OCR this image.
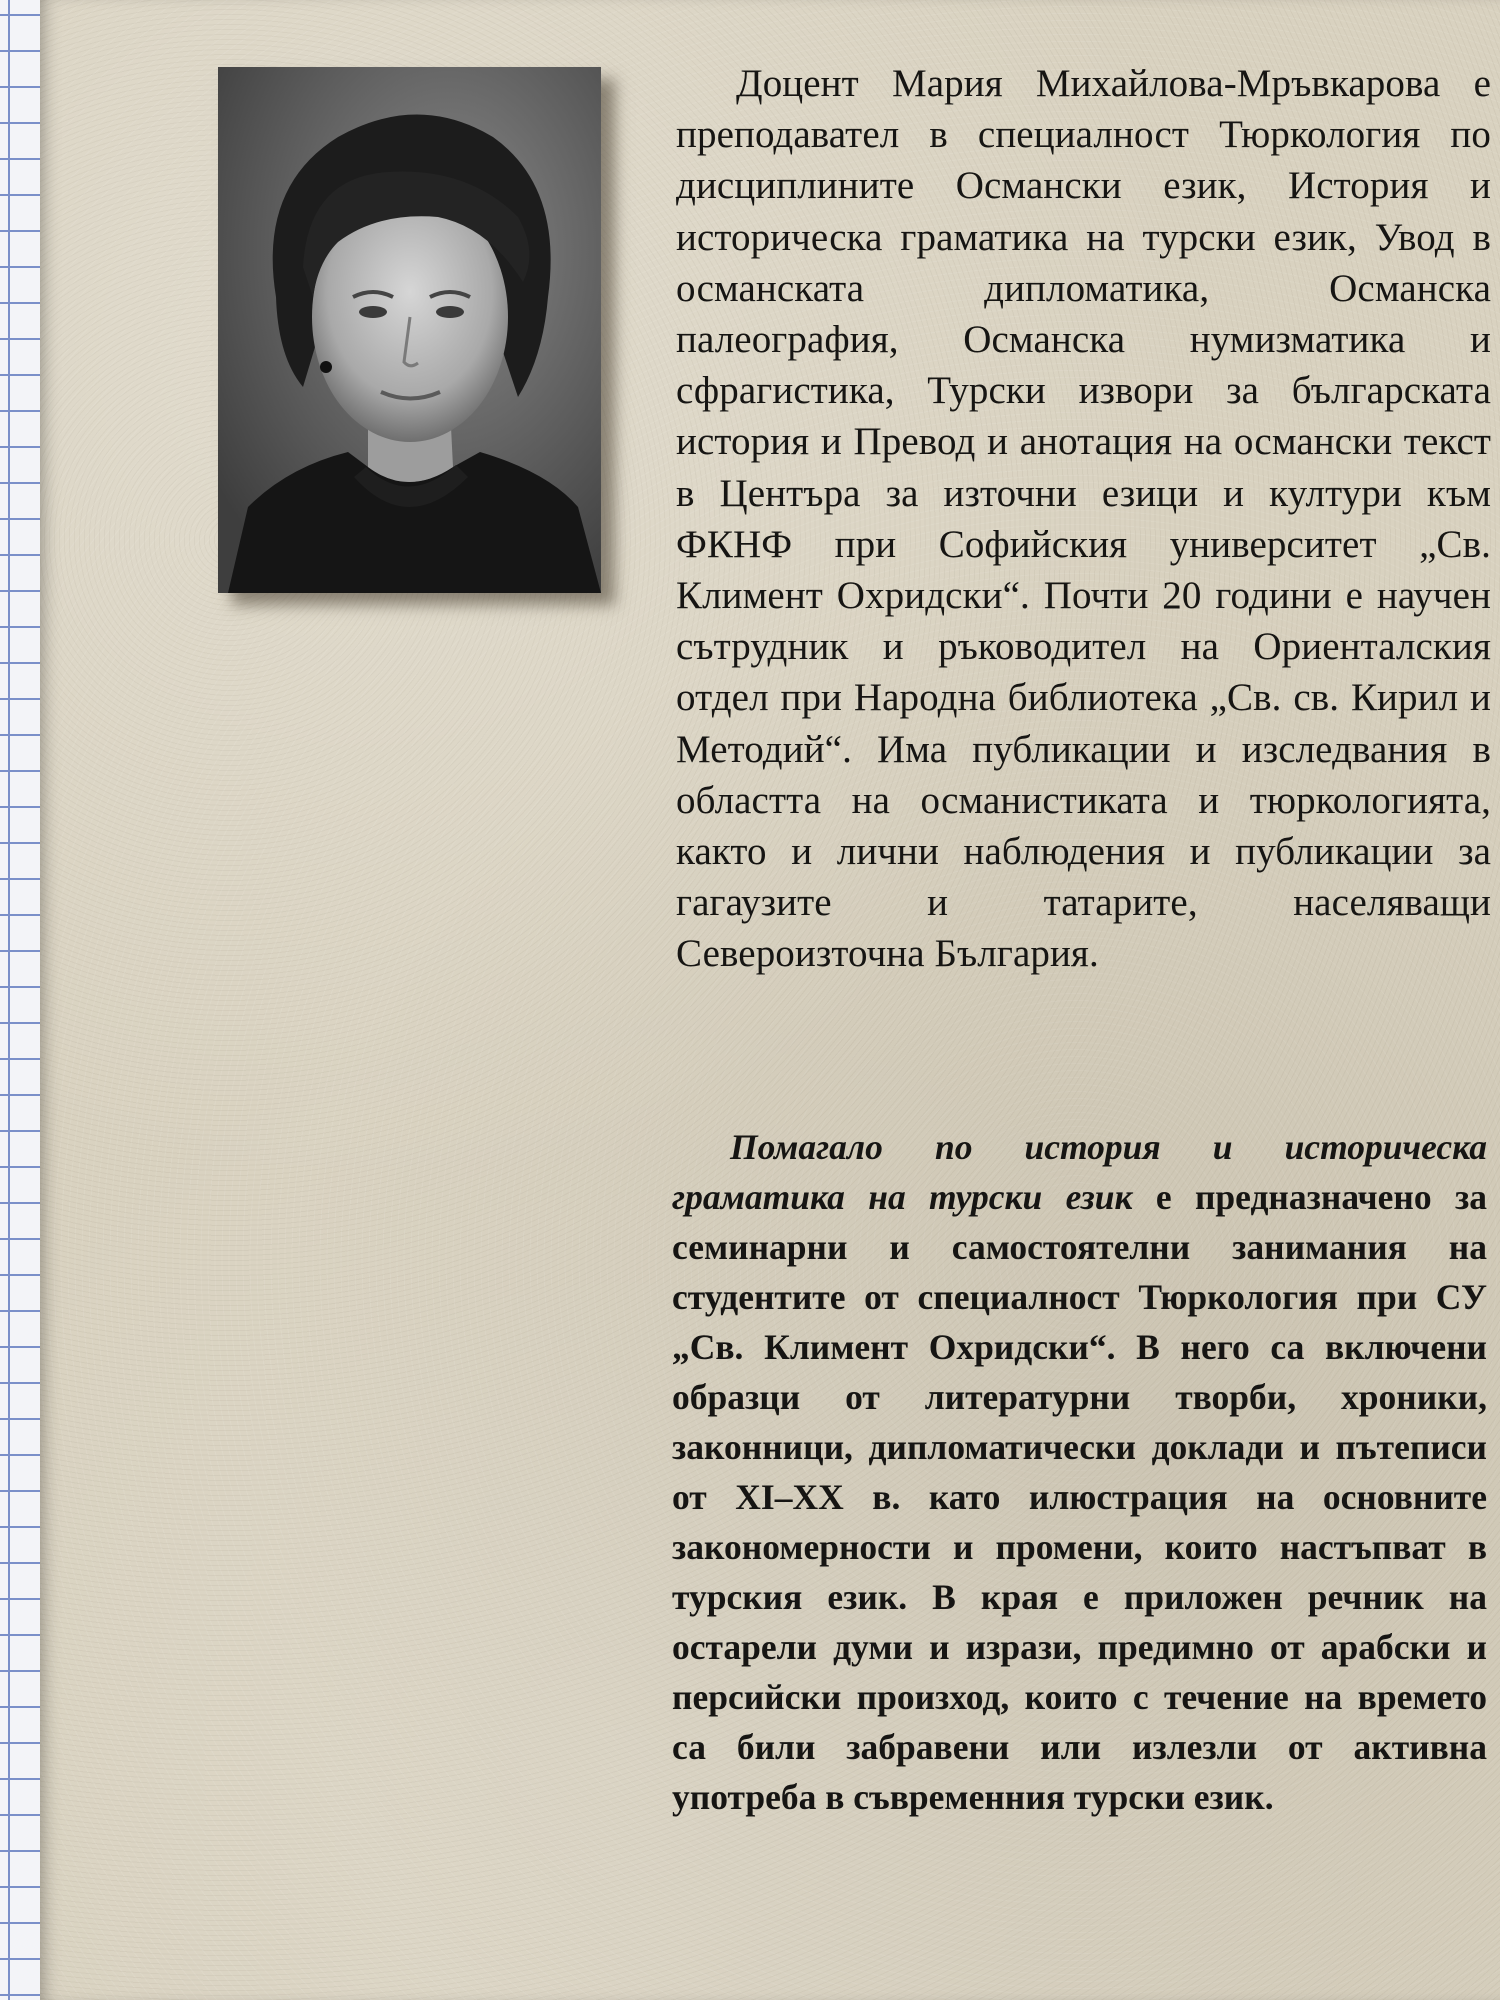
Доцент Мария Михайлова-Мръвкарова е преподавател в специалност Тюркология по дисциплините Османски език, История и историческа граматика на турски език, Увод в османската дипломатика, Османска палеография, Османска нумизматика и сфрагистика, Турски извори за българската история и Превод и анотация на османски текст в Центъра за източни езици и култури към ФКНФ при Софийския университет „Св. Климент Охридски“. Почти 20 години е научен сътрудник и ръководител на Ориенталския отдел при Народна библиотека „Св. св. Кирил и Методий“. Има публикации и изследвания в областта на османистиката и тюркологията, както и лични наблюдения и публикации за гагаузите и татарите, населяващи Североизточна България.
Помагало по история и историческа граматика на турски език е предназначено за семинарни и самостоятелни занимания на студентите от специалност Тюркология при СУ „Св. Климент Охридски“. В него са включени образци от литературни творби, хроники, законници, дипломатически доклади и пътеписи от XI–XX в. като илюстрация на основните закономерности и промени, които настъпват в турския език. В края е приложен речник на остарели думи и изрази, предимно от арабски и персийски произход, които с течение на времето са били забравени или излезли от активна употреба в съвременния турски език.
